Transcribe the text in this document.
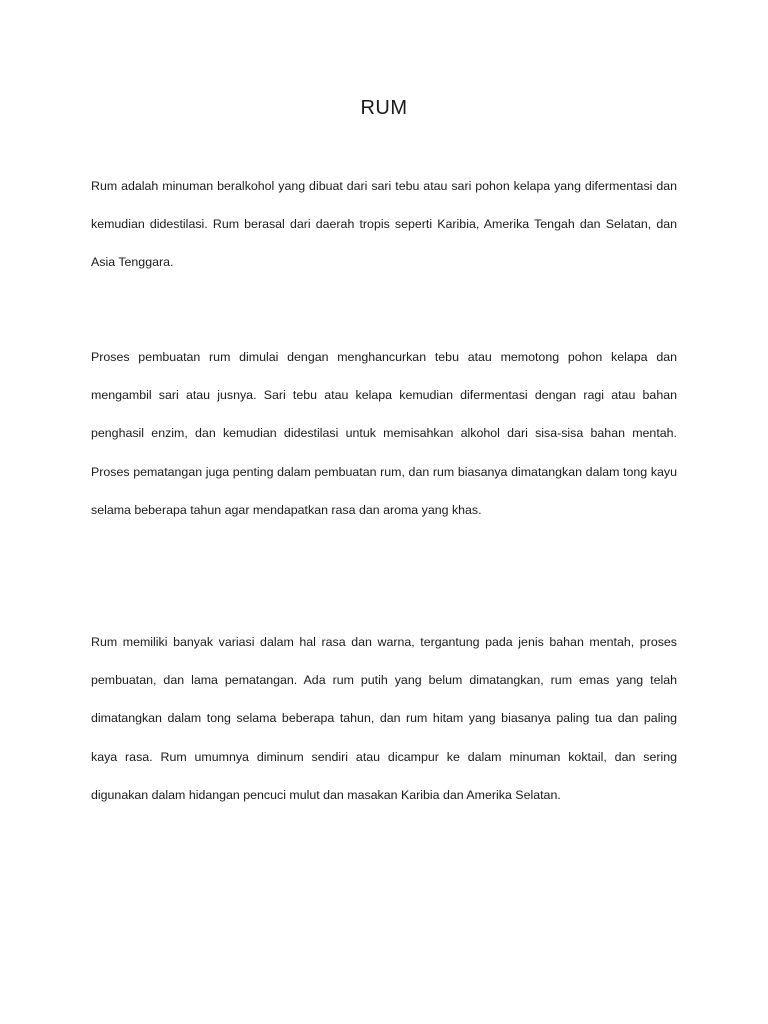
RUM

Rum adalah minuman beralkohol yang dibuat dari sari tebu atau sari pohon kelapa yang difermentasi dan kemudian didestilasi. Rum berasal dari daerah tropis seperti Karibia, Amerika Tengah dan Selatan, dan Asia Tenggara.

Proses pembuatan rum dimulai dengan menghancurkan tebu atau memotong pohon kelapa dan mengambil sari atau jusnya. Sari tebu atau kelapa kemudian difermentasi dengan ragi atau bahan penghasil enzim, dan kemudian didestilasi untuk memisahkan alkohol dari sisa-sisa bahan mentah. Proses pematangan juga penting dalam pembuatan rum, dan rum biasanya dimatangkan dalam tong kayu selama beberapa tahun agar mendapatkan rasa dan aroma yang khas.

Rum memiliki banyak variasi dalam hal rasa dan warna, tergantung pada jenis bahan mentah, proses pembuatan, dan lama pematangan. Ada rum putih yang belum dimatangkan, rum emas yang telah dimatangkan dalam tong selama beberapa tahun, dan rum hitam yang biasanya paling tua dan paling kaya rasa. Rum umumnya diminum sendiri atau dicampur ke dalam minuman koktail, dan sering digunakan dalam hidangan pencuci mulut dan masakan Karibia dan Amerika Selatan.
